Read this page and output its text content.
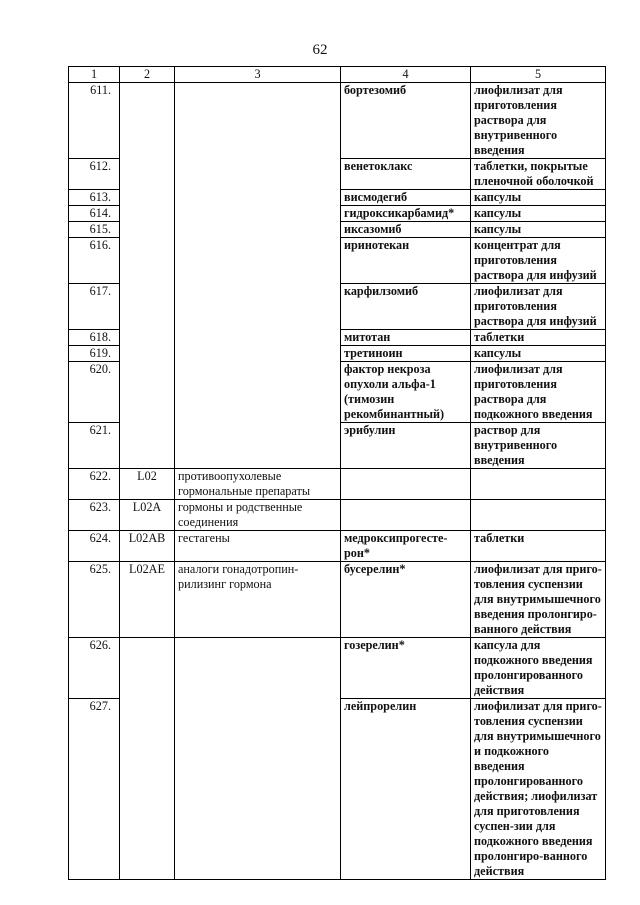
62
1	2	3	4	5
611.			бортезомиб	лиофилизат для приготовления раствора для внутривенного введения
612.			венетоклакс	таблетки, покрытые пленочной оболочкой
613.			висмодегиб	капсулы
614.			гидроксикарбамид*	капсулы
615.			иксазомиб	капсулы
616.			иринотекан	концентрат для приготовления раствора для инфузий
617.			карфилзомиб	лиофилизат для приготовления раствора для инфузий
618.			митотан	таблетки
619.			третиноин	капсулы
620.			фактор некроза опухоли альфа-1 (тимозин рекомбинантный)	лиофилизат для приготовления раствора для подкожного введения
621.			эрибулин	раствор для внутривенного введения
622.	L02	противоопухолевые гормональные препараты		
623.	L02A	гормоны и родственные соединения		
624.	L02AB	гестагены	медроксипрогесте-рон*	таблетки
625.	L02AE	аналоги гонадотропин-рилизинг гормона	бусерелин*	лиофилизат для приго-товления суспензии для внутримышечного введения пролонгиро-ванного действия
626.			гозерелин*	капсула для подкожного введения пролонгированного действия
627.			лейпрорелин	лиофилизат для приго-товления суспензии для внутримышечного и подкожного введения пролонгированного действия; лиофилизат для приготовления суспен-зии для подкожного введения пролонгиро-ванного действия
